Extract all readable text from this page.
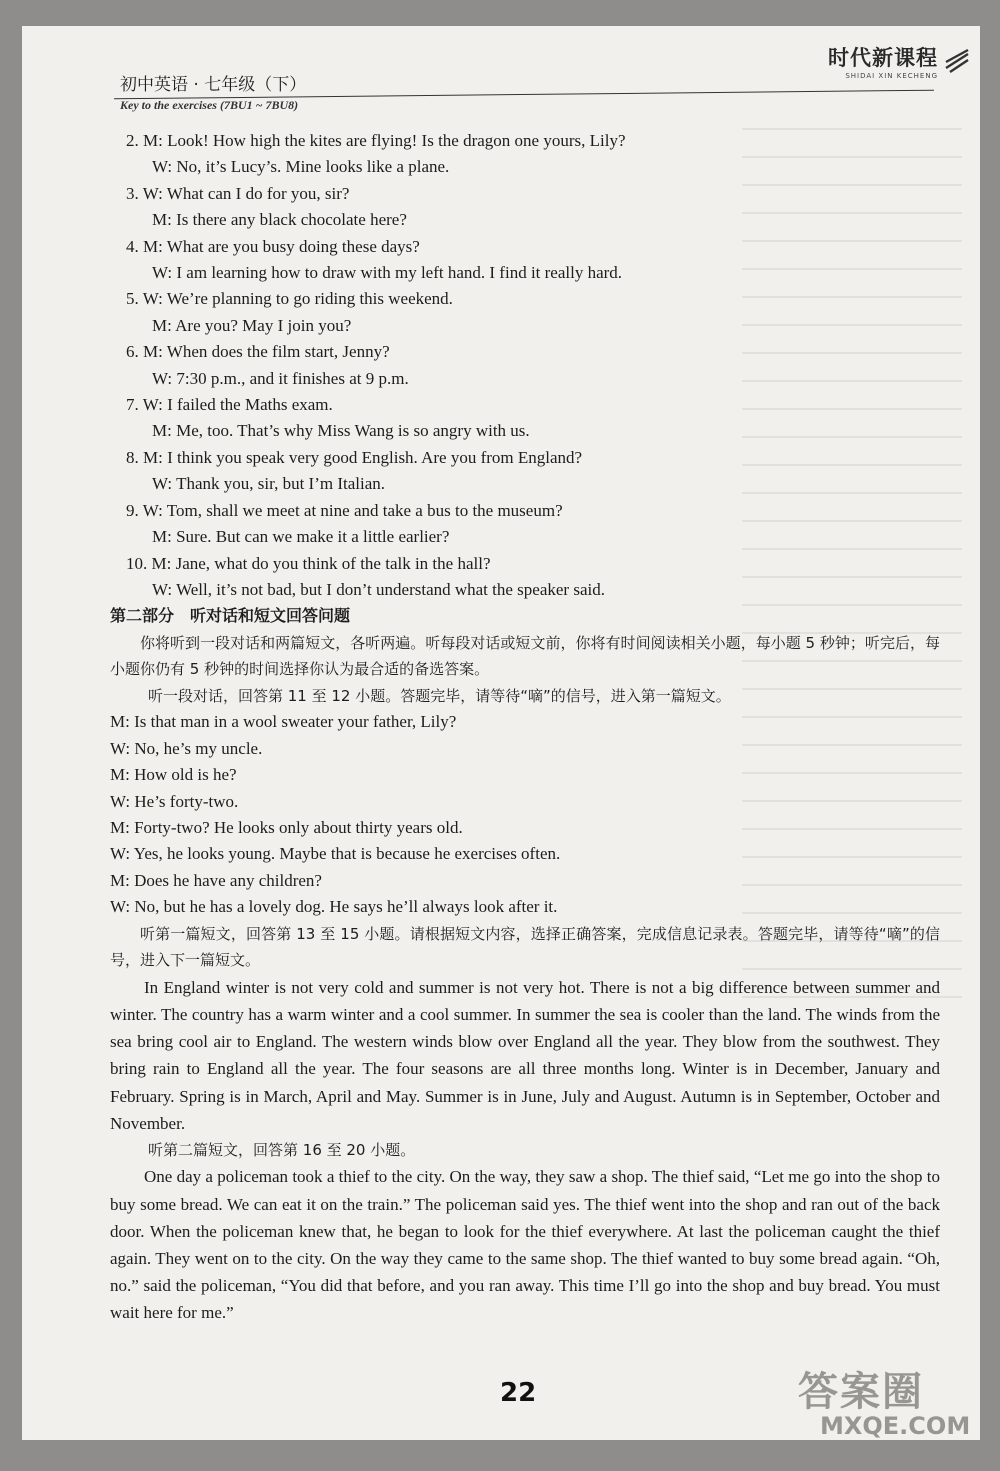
时代新课程
SHIDAI XIN KECHENG
初中英语 · 七年级（下）
Key to the exercises (7BU1 ~ 7BU8)
2. M: Look! How high the kites are flying! Is the dragon one yours, Lily?
W: No, it’s Lucy’s. Mine looks like a plane.
3. W: What can I do for you, sir?
M: Is there any black chocolate here?
4. M: What are you busy doing these days?
W: I am learning how to draw with my left hand. I find it really hard.
5. W: We’re planning to go riding this weekend.
M: Are you? May I join you?
6. M: When does the film start, Jenny?
W: 7:30 p.m., and it finishes at 9 p.m.
7. W: I failed the Maths exam.
M: Me, too. That’s why Miss Wang is so angry with us.
8. M: I think you speak very good English. Are you from England?
W: Thank you, sir, but I’m Italian.
9. W: Tom, shall we meet at nine and take a bus to the museum?
M: Sure. But can we make it a little earlier?
10. M: Jane, what do you think of the talk in the hall?
W: Well, it’s not bad, but I don’t understand what the speaker said.
第二部分　听对话和短文回答问题
你将听到一段对话和两篇短文，各听两遍。听每段对话或短文前，你将有时间阅读相关小题，每小题 5 秒钟；听完后，每小题你仍有 5 秒钟的时间选择你认为最合适的备选答案。
听一段对话，回答第 11 至 12 小题。答题完毕，请等待“嘀”的信号，进入第一篇短文。
M: Is that man in a wool sweater your father, Lily?
W: No, he’s my uncle.
M: How old is he?
W: He’s forty-two.
M: Forty-two? He looks only about thirty years old.
W: Yes, he looks young. Maybe that is because he exercises often.
M: Does he have any children?
W: No, but he has a lovely dog. He says he’ll always look after it.
听第一篇短文，回答第 13 至 15 小题。请根据短文内容，选择正确答案，完成信息记录表。答题完毕，请等待“嘀”的信号，进入下一篇短文。
In England winter is not very cold and summer is not very hot. There is not a big difference between summer and winter. The country has a warm winter and a cool summer. In summer the sea is cooler than the land. The winds from the sea bring cool air to England. The western winds blow over England all the year. They blow from the southwest. They bring rain to England all the year. The four seasons are all three months long. Winter is in December, January and February. Spring is in March, April and May. Summer is in June, July and August. Autumn is in September, October and November.
听第二篇短文，回答第 16 至 20 小题。
One day a policeman took a thief to the city. On the way, they saw a shop. The thief said, “Let me go into the shop to buy some bread. We can eat it on the train.” The policeman said yes. The thief went into the shop and ran out of the back door. When the policeman knew that, he began to look for the thief everywhere. At last the policeman caught the thief again. They went on to the city. On the way they came to the same shop. The thief wanted to buy some bread again. “Oh, no.” said the policeman, “You did that before, and you ran away. This time I’ll go into the shop and buy bread. You must wait here for me.”
22	答案圈
MXQE.COM
